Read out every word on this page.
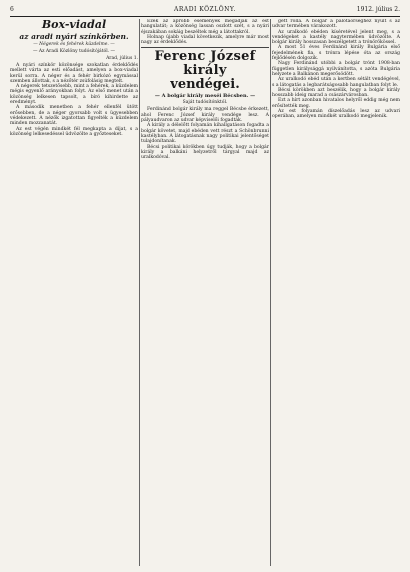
6	ARADI KÖZLÖNY.	1912. július 2.

Box-viadal

az aradi nyári színkörben.

— Négerek és fehérek küzdelme. —

— Az Aradi Közlöny tudósítójától. —

Arad, július 1.

A nyári színkör közönsége szokatlan érdeklődés mellett várta az esti előadást, amelyen a box-viadal kerül sorra. A néger és a fehér birkózó egymással szemben állottak, s a nézőtér zsúfolásig megtelt.

A négerek tetszetősebb, mint a fehérek, a küzdelem mégis egyenlő arányokban folyt. Az első menet után a közönség lelkesen tapsolt, a bíró kihirdette az eredményt.

A második menetben a fehér ellenfél ütött erősebben, de a néger gyorsabb volt s ügyesebben védekezett. A nézők izgatottan figyelték a küzdelem minden mozzanatát.

Az est végén mindkét fél megkapta a díjat, s a közönség lelkesedéssel üdvözölte a győzteseket.

Ezek az apróbb események megadják az est hangulatát; a közönség lassan oszlott szét, s a nyári éjszakában sokáig beszéltek még a látottakról.

Holnap újabb viadal következik, amelyre már most nagy az érdeklődés.

Ferenc József király

vendégei.

— A bolgár király meséi Bécsben. —

Saját tudósítónktól.

Ferdinánd bolgár király ma reggel Bécsbe érkezett, ahol Ferenc József király vendége lesz. A pályaudvaron az udvar képviselői fogadták.

A király a délelőtt folyamán kihallgatáson fogadta a bolgár követet, majd ebéden vett részt a Schönbrunni kastélyban. A látogatásnak nagy politikai jelentőséget tulajdonítanak.

Bécsi politikai körökben úgy tudják, hogy a bolgár király a balkáni helyzetről tárgyal majd az uralkodóval.

gett rólla. A bolgár a palotaőrséghez nyúlt s az udvar termében várakozott.

Az uralkodó ebéden kíséretével jelent meg, s a vendégeket a kastély nagytermében üdvözölte. A bolgár király hosszasan beszélgetett a trónörökössel.

A most 51 éves Ferdinánd király Bulgária első fejedelmének fia, s trónra lépése óta az ország fejlődésén dolgozik.

Nagy Ferdinánd utóbbi a bolgár trónt 1908-ban független királysággá nyilvánította, s azóta Bulgária helyzete a Balkánon megerősödött.

Az uralkodó ebéd után a kertben sétált vendégével, s a látogatás a legbarátságosabb hangulatban folyt le.

Bécsi körökben azt beszélik, hogy a bolgár király hosszabb ideig marad a császárvárosban.

Ezt a hírt azonban hivatalos helyről eddig még nem erősítették meg.

Az est folyamán díszelőadás lesz az udvari operában, amelyen mindkét uralkodó megjelenik.
